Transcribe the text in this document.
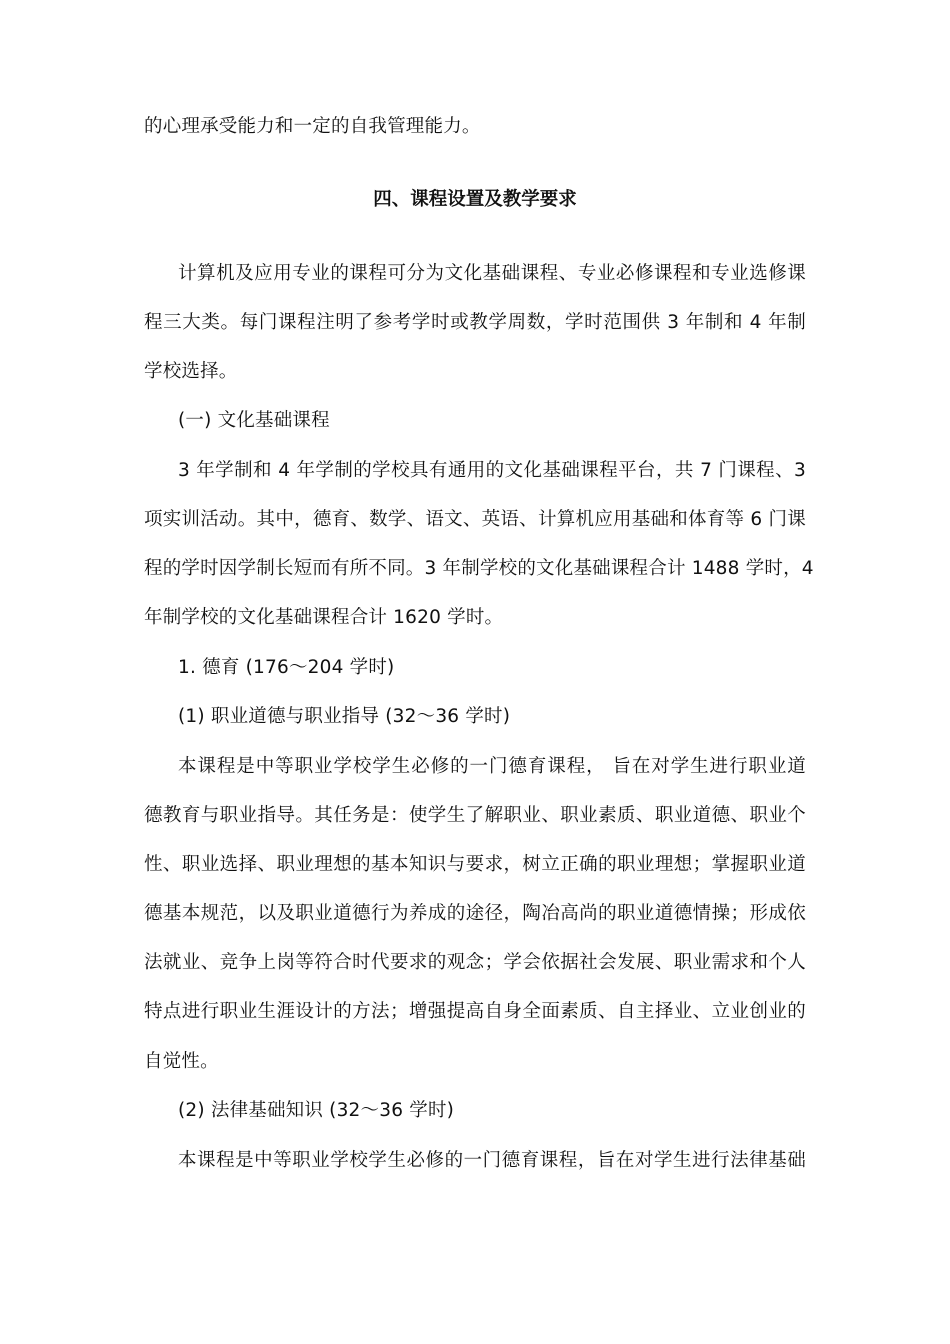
的心理承受能力和一定的自我管理能力。
四、课程设置及教学要求
计算机及应用专业的课程可分为文化基础课程、专业必修课程和专业选修课
程三大类。每门课程注明了参考学时或教学周数，学时范围供 3 年制和 4 年制
学校选择。
(一) 文化基础课程
3 年学制和 4 年学制的学校具有通用的文化基础课程平台，共 7 门课程、3
项实训活动。其中，德育、数学、语文、英语、计算机应用基础和体育等 6 门课
程的学时因学制长短而有所不同。3 年制学校的文化基础课程合计 1488 学时，4
年制学校的文化基础课程合计 1620 学时。
1. 德育 (176～204 学时)
(1) 职业道德与职业指导 (32～36 学时)
本课程是中等职业学校学生必修的一门德育课程， 旨在对学生进行职业道
德教育与职业指导。其任务是：使学生了解职业、职业素质、职业道德、职业个
性、职业选择、职业理想的基本知识与要求，树立正确的职业理想；掌握职业道
德基本规范，以及职业道德行为养成的途径，陶冶高尚的职业道德情操；形成依
法就业、竞争上岗等符合时代要求的观念；学会依据社会发展、职业需求和个人
特点进行职业生涯设计的方法；增强提高自身全面素质、自主择业、立业创业的
自觉性。
(2) 法律基础知识 (32～36 学时)
本课程是中等职业学校学生必修的一门德育课程，旨在对学生进行法律基础
